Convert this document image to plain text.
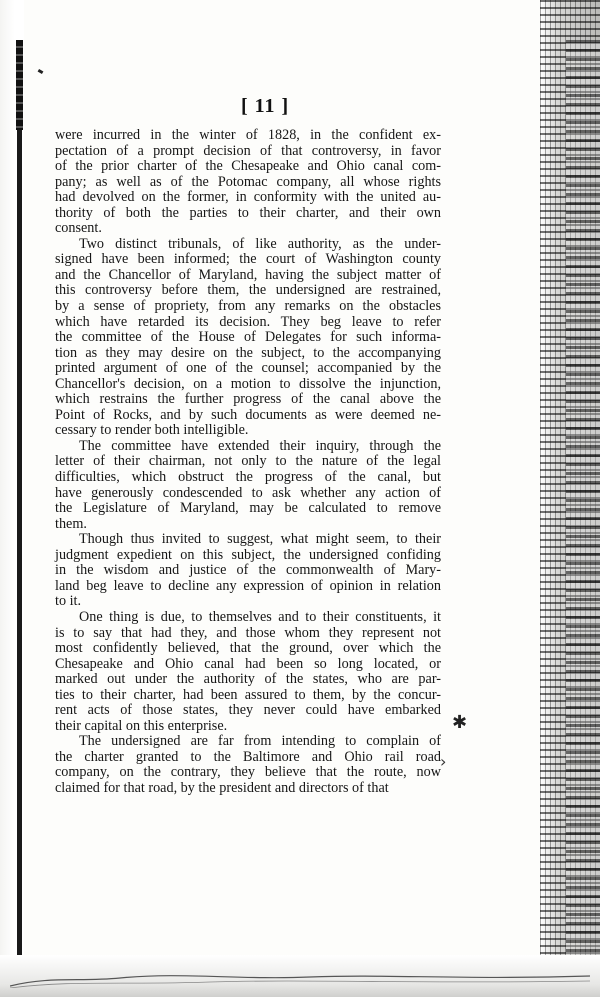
✱
›
[ 11 ]

were incurred in the winter of 1828, in the confident ex-
pectation of a prompt decision of that controversy, in favor
of the prior charter of the Chesapeake and Ohio canal com-
pany; as well as of the Potomac company, all whose rights
had devolved on the former, in conformity with the united au-
thority of both the parties to their charter, and their own
consent.

Two distinct tribunals, of like authority, as the under-
signed have been informed; the court of Washington county
and the Chancellor of Maryland, having the subject matter of
this controversy before them, the undersigned are restrained,
by a sense of propriety, from any remarks on the obstacles
which have retarded its decision. They beg leave to refer
the committee of the House of Delegates for such informa-
tion as they may desire on the subject, to the accompanying
printed argument of one of the counsel; accompanied by the
Chancellor's decision, on a motion to dissolve the injunction,
which restrains the further progress of the canal above the
Point of Rocks, and by such documents as were deemed ne-
cessary to render both intelligible.

The committee have extended their inquiry, through the
letter of their chairman, not only to the nature of the legal
difficulties, which obstruct the progress of the canal, but
have generously condescended to ask whether any action of
the Legislature of Maryland, may be calculated to remove
them.

Though thus invited to suggest, what might seem, to their
judgment expedient on this subject, the undersigned confiding
in the wisdom and justice of the commonwealth of Mary-
land beg leave to decline any expression of opinion in relation
to it.

One thing is due, to themselves and to their constituents, it
is to say that had they, and those whom they represent not
most confidently believed, that the ground, over which the
Chesapeake and Ohio canal had been so long located, or
marked out under the authority of the states, who are par-
ties to their charter, had been assured to them, by the concur-
rent acts of those states, they never could have embarked
their capital on this enterprise.

The undersigned are far from intending to complain of
the charter granted to the Baltimore and Ohio rail road
company, on the contrary, they believe that the route, now
claimed for that road, by the president and directors of that
